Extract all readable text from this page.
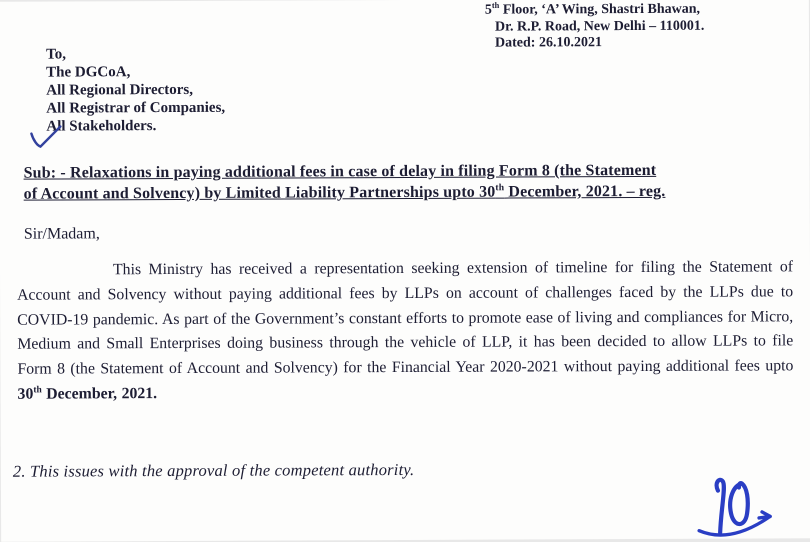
5th Floor, ‘A’ Wing, Shastri Bhawan,
Dr. R.P. Road, New Delhi – 110001.
Dated: 26.10.2021
To,
The DGCoA,
All Regional Directors,
All Registrar of Companies,
All Stakeholders.
Sub: - Relaxations in paying additional fees in case of delay in filing Form 8 (the Statement
of Account and Solvency) by Limited Liability Partnerships upto 30th December, 2021. – reg.
Sir/Madam,
This Ministry has received a representation seeking extension of timeline for filing the Statement of Account and Solvency without paying additional fees by LLPs on account of challenges faced by the LLPs due to COVID-19 pandemic. As part of the Government’s constant efforts to promote ease of living and compliances for Micro, Medium and Small Enterprises doing business through the vehicle of LLP, it has been decided to allow LLPs to file Form 8 (the Statement of Account and Solvency) for the Financial Year 2020-2021 without paying additional fees upto 30th December, 2021.
2. This issues with the approval of the competent authority.
